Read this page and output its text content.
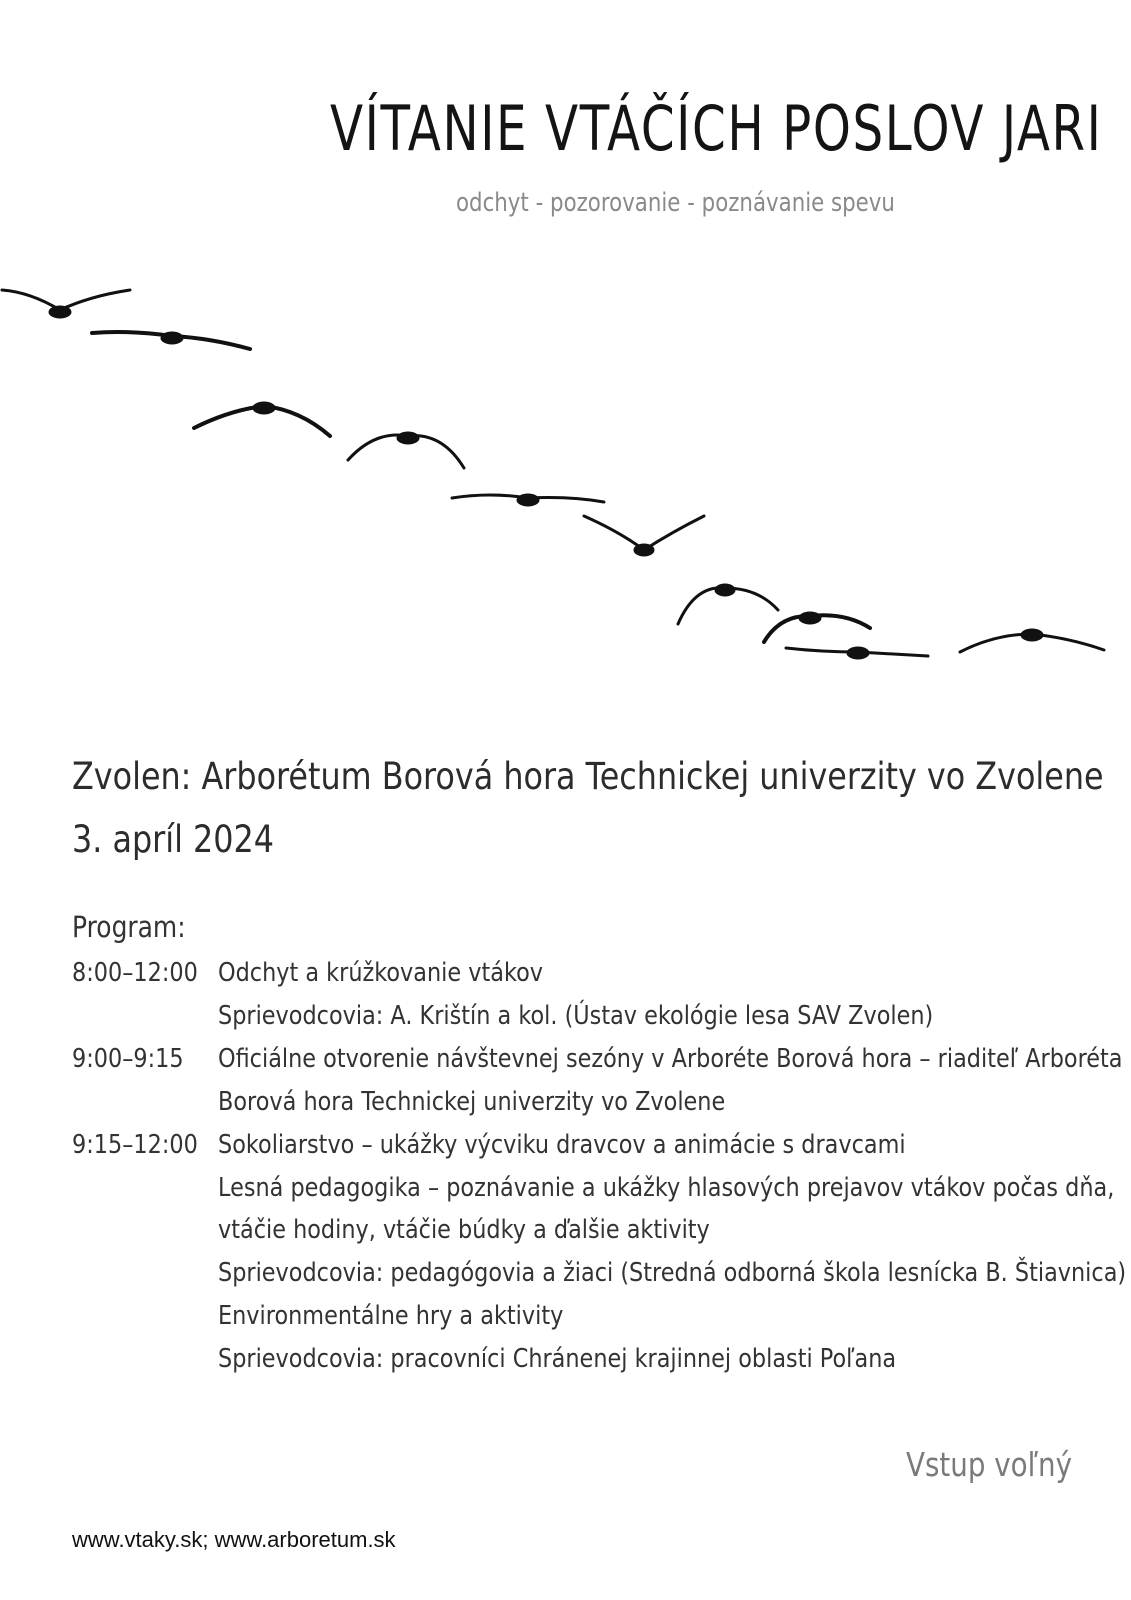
VÍTANIE VTÁČÍCH POSLOV JARI
odchyt - pozorovanie - poznávanie spevu
Zvolen: Arborétum Borová hora Technickej univerzity vo Zvolene
3. apríl 2024
Program:
8:00–12:00 Odchyt a krúžkovanie vtákov
Sprievodcovia: A. Krištín a kol. (Ústav ekológie lesa SAV Zvolen)
9:00–9:15	Oficiálne otvorenie návštevnej sezóny v Arboréte Borová hora – riaditeľ Arboréta
Borová hora Technickej univerzity vo Zvolene
9:15–12:00 Sokoliarstvo – ukážky výcviku dravcov a animácie s dravcami
Lesná pedagogika – poznávanie a ukážky hlasových prejavov vtákov počas dňa,
vtáčie hodiny, vtáčie búdky a ďalšie aktivity
Sprievodcovia: pedagógovia a žiaci (Stredná odborná škola lesnícka B. Štiavnica)
Environmentálne hry a aktivity
Sprievodcovia: pracovníci Chránenej krajinnej oblasti Poľana
Vstup voľný
www.vtaky.sk; www.arboretum.sk
